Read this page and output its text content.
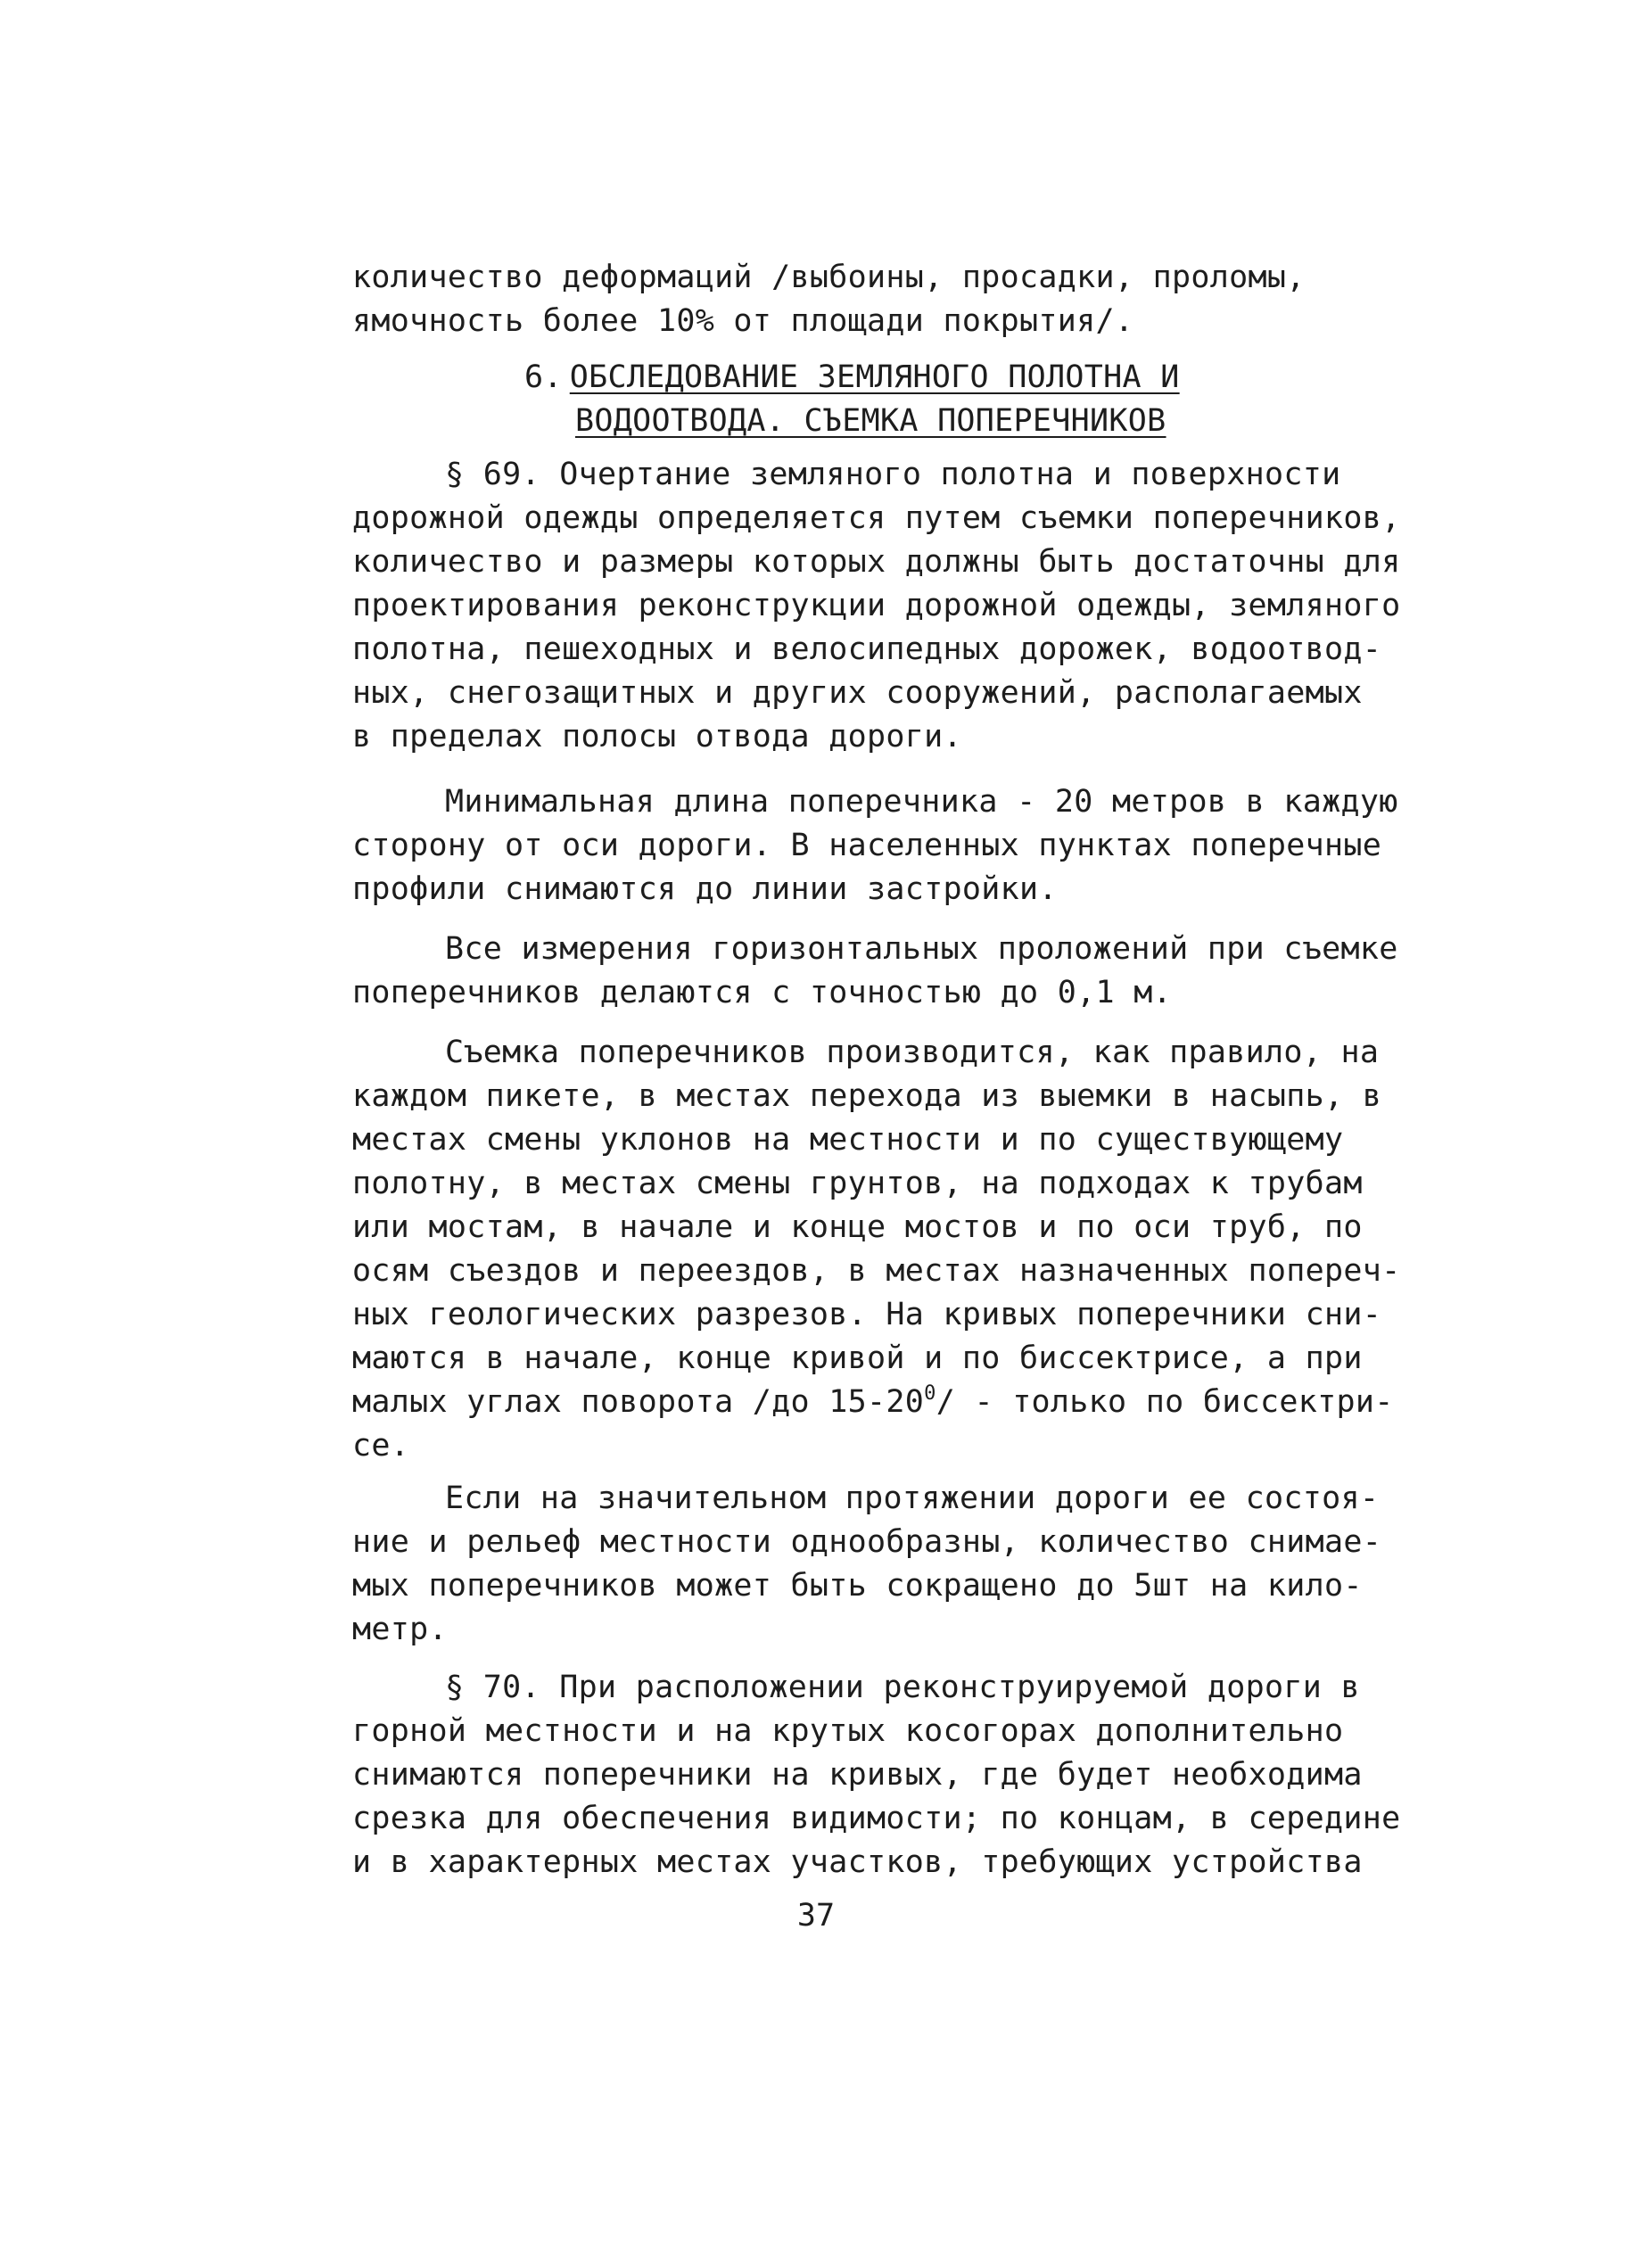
количество деформаций /выбоины, просадки, проломы,
ямочность более 10% от площади покрытия/.
6. ОБСЛЕДОВАНИЕ ЗЕМЛЯНОГО ПОЛОТНА И
ВОДООТВОДА. СЪЕМКА ПОПЕРЕЧНИКОВ
§ 69. Очертание земляного полотна и поверхности
дорожной одежды определяется путем съемки поперечников,
количество и размеры которых должны быть достаточны для
проектирования реконструкции дорожной одежды, земляного
полотна, пешеходных и велосипедных дорожек, водоотвод-
ных, снегозащитных и других сооружений, располагаемых
в пределах полосы отвода дороги.
Минимальная длина поперечника - 20 метров в каждую
сторону от оси дороги. В населенных пунктах поперечные
профили снимаются до линии застройки.
Все измерения горизонтальных проложений при съемке
поперечников делаются с точностью до 0,1 м.
Съемка поперечников производится, как правило, на
каждом пикете, в местах перехода из выемки в насыпь, в
местах смены уклонов на местности и по существующему
полотну, в местах смены грунтов, на подходах к трубам
или мостам, в начале и конце мостов и по оси труб, по
осям съездов и переездов, в местах назначенных попереч-
ных геологических разрезов. На кривых поперечники сни-
маются в начале, конце кривой и по биссектрисе, а при
малых углах поворота /до $15-20^0/$ - только по биссектри-
се.
Если на значительном протяжении дороги ее состоя-
ние и рельеф местности однообразны, количество снимае-
мых поперечников может быть сокращено до 5шт на кило-
метр.
§ 70. При расположении реконструируемой дороги в
горной местности и на крутых косогорах дополнительно
снимаются поперечники на кривых, где будет необходима
срезка для обеспечения видимости; по концам, в середине
и в характерных местах участков, требующих устройства
37
